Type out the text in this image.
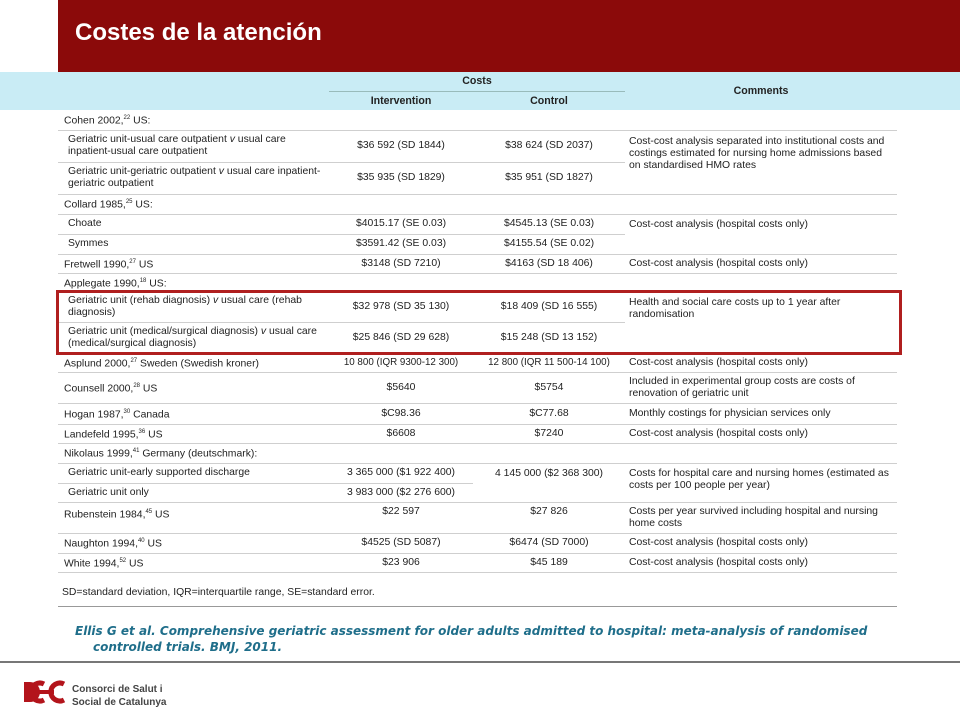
Costes de la atención
	Costs		Comments
	Intervention	Control	
Cohen 2002,22 US:			
Geriatric unit-usual care outpatient v usual care inpatient-usual care outpatient	$36 592 (SD 1844)	$38 624 (SD 2037)	Cost-cost analysis separated into institutional costs and costings estimated for nursing home admissions based on standardised HMO rates
Geriatric unit-geriatric outpatient v usual care inpatient-geriatric outpatient	$35 935 (SD 1829)	$35 951 (SD 1827)	
Collard 1985,25 US:			
Choate	$4015.17 (SE 0.03)	$4545.13 (SE 0.03)	Cost-cost analysis (hospital costs only)
Symmes	$3591.42 (SE 0.03)	$4155.54 (SE 0.02)	
Fretwell 1990,27 US	$3148 (SD 7210)	$4163 (SD 18 406)	Cost-cost analysis (hospital costs only)
Applegate 1990,18 US:			
Geriatric unit (rehab diagnosis) v usual care (rehab diagnosis)	$32 978 (SD 35 130)	$18 409 (SD 16 555)	Health and social care costs up to 1 year after randomisation
Geriatric unit (medical/surgical diagnosis) v usual care (medical/surgical diagnosis)	$25 846 (SD 29 628)	$15 248 (SD 13 152)	
Asplund 2000,27 Sweden (Swedish kroner)	10 800 (IQR 9300-12 300)	12 800 (IQR 11 500-14 100)	Cost-cost analysis (hospital costs only)
Counsell 2000,28 US	$5640	$5754	Included in experimental group costs are costs of renovation of geriatric unit
Hogan 1987,30 Canada	$C98.36	$C77.68	Monthly costings for physician services only
Landefeld 1995,36 US	$6608	$7240	Cost-cost analysis (hospital costs only)
Nikolaus 1999,41 Germany (deutschmark):			
Geriatric unit-early supported discharge	3 365 000 ($1 922 400)	4 145 000 ($2 368 300)	Costs for hospital care and nursing homes (estimated as costs per 100 people per year)
Geriatric unit only	3 983 000 ($2 276 600)		
Rubenstein 1984,45 US	$22 597	$27 826	Costs per year survived including hospital and nursing home costs
Naughton 1994,40 US	$4525 (SD 5087)	$6474 (SD 7000)	Cost-cost analysis (hospital costs only)
White 1994,52 US	$23 906	$45 189	Cost-cost analysis (hospital costs only)
SD=standard deviation, IQR=interquartile range, SE=standard error.
Ellis G et al. Comprehensive geriatric assessment for older adults admitted to hospital: meta-analysis of randomised
controlled trials. BMJ, 2011.
Consorci de Salut i
Social de Catalunya
